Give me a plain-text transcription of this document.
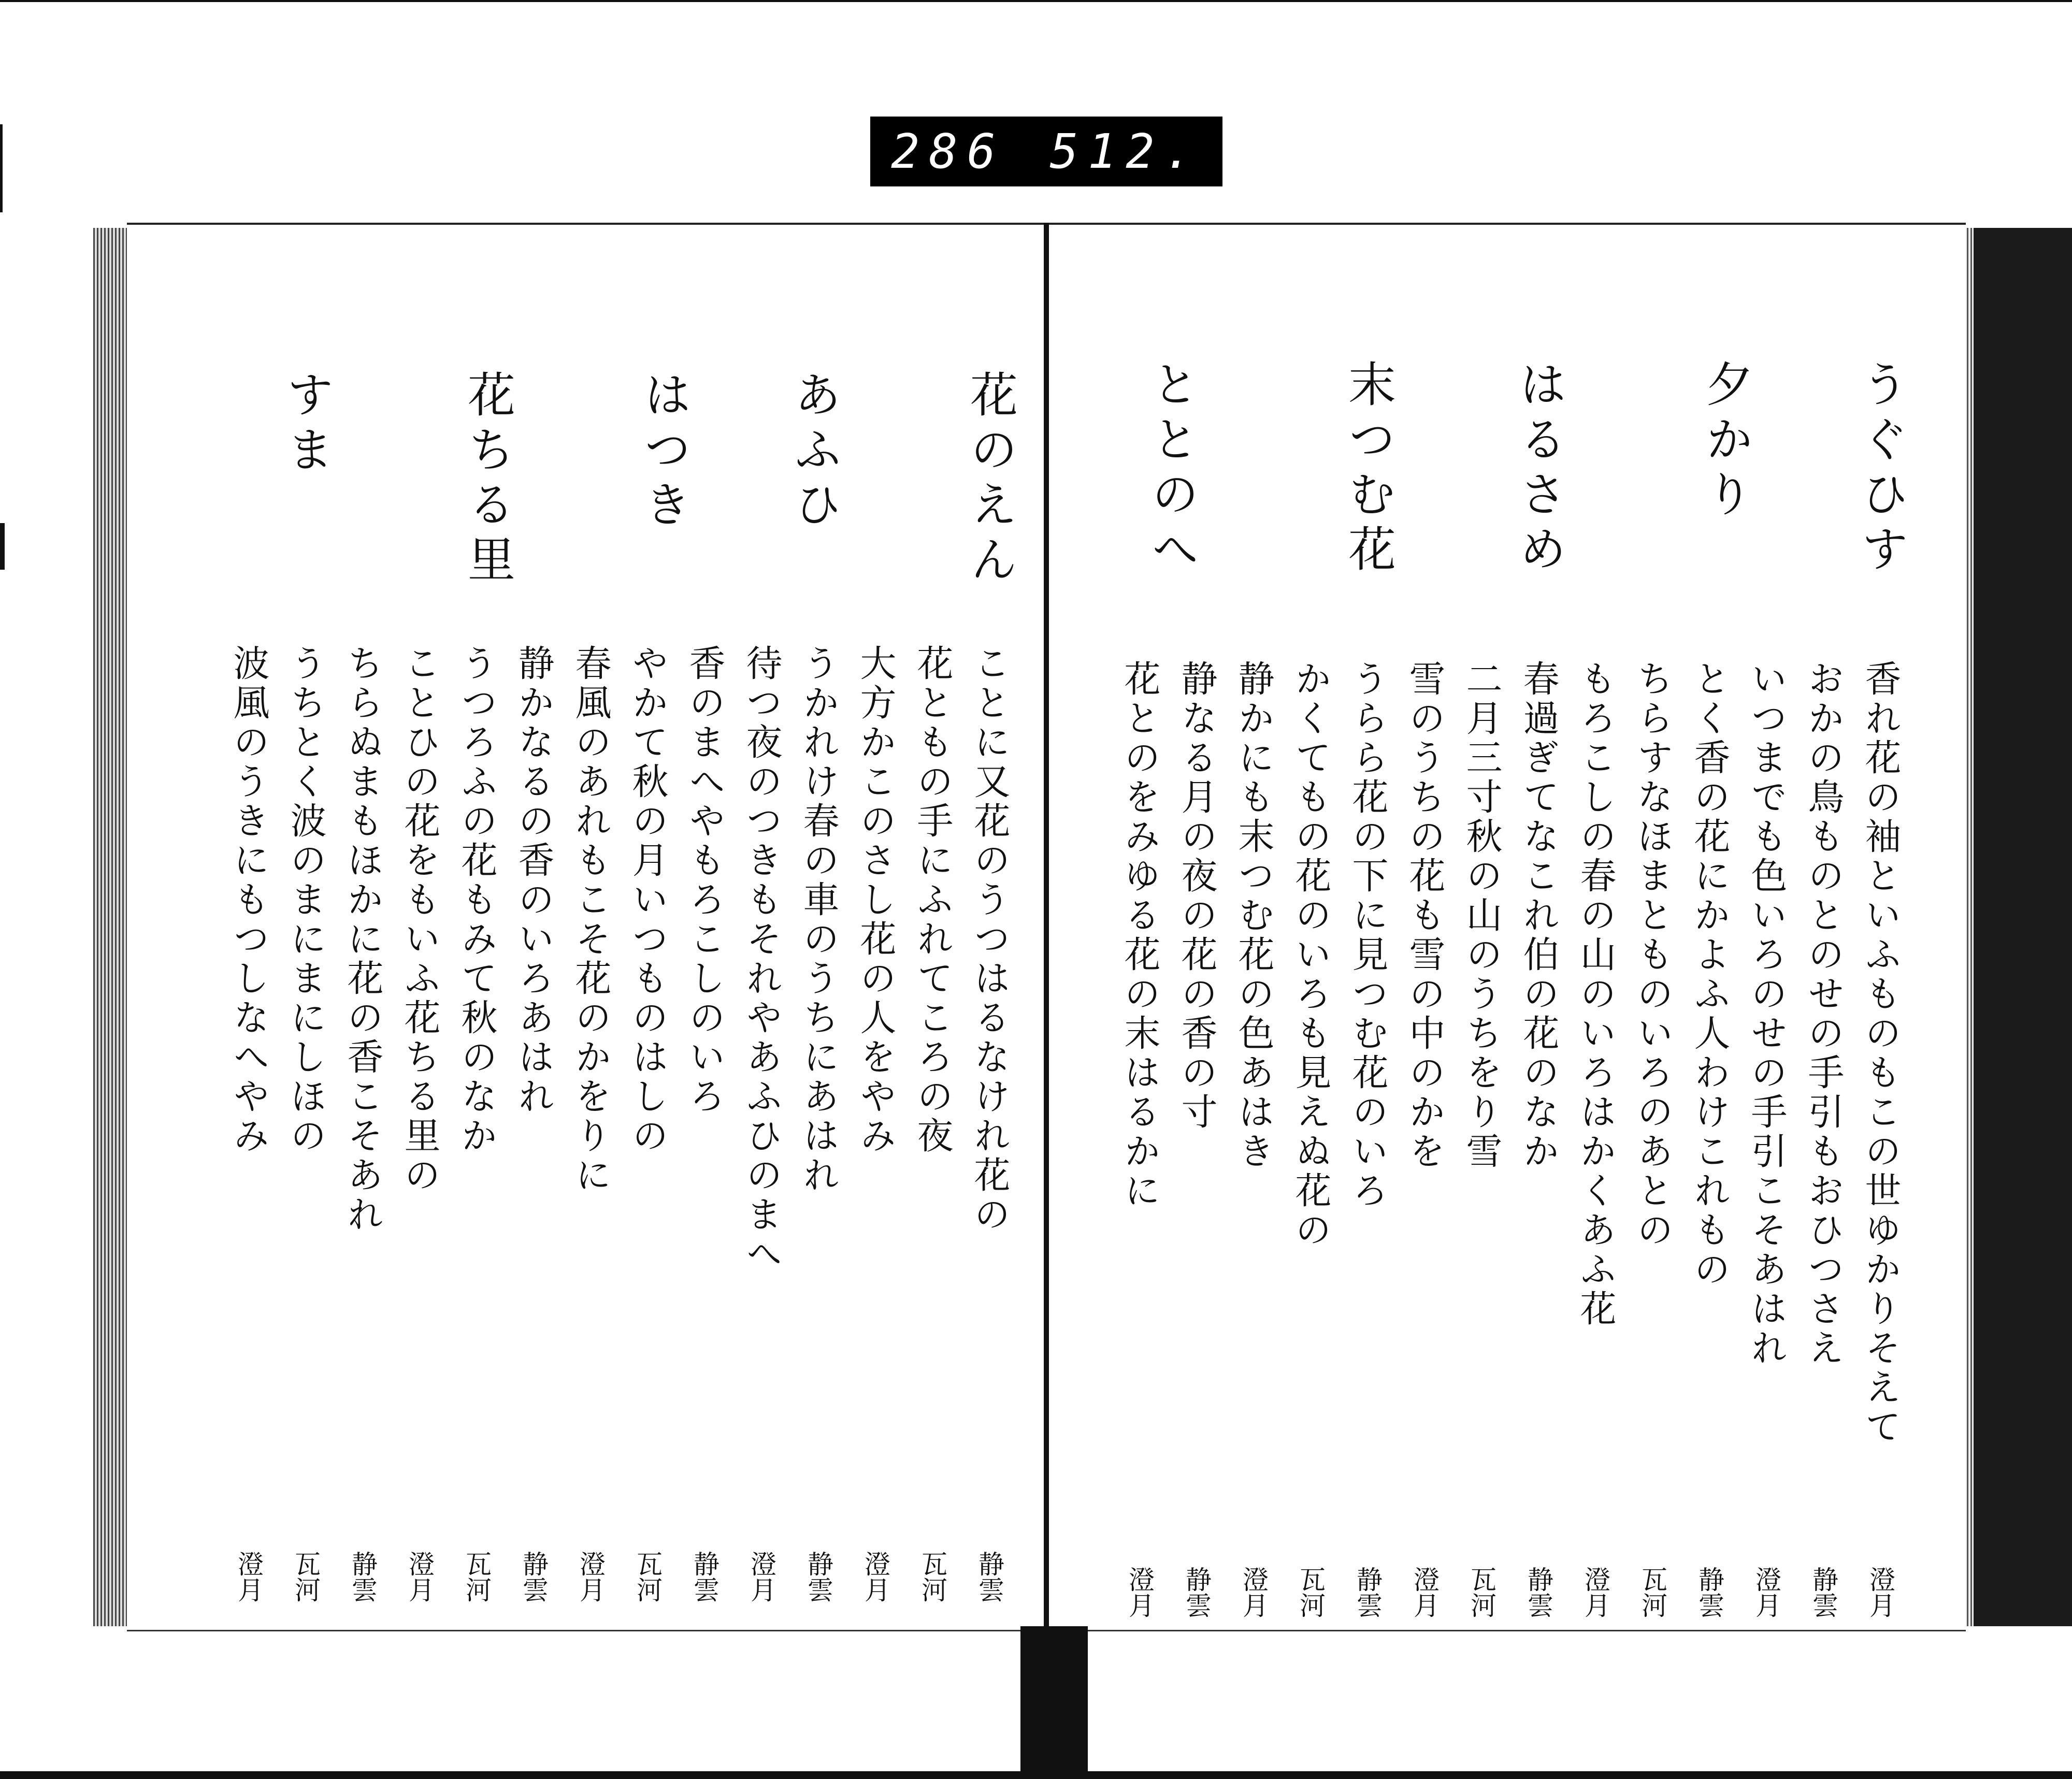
286 512.
花のえん
あふひ
はつき
花ちる里
すま
ことに又花のうつはるなけれ花の
静雲
花ともの手にふれてころの夜
瓦河
大方かこのさし花の人をやみ
澄月
うかれけ春の車のうちにあはれ
静雲
待つ夜のつきもそれやあふひのまへ
澄月
香のまへやもろこしのいろ
静雲
やかて秋の月いつものはしの
瓦河
春風のあれもこそ花のかをりに
澄月
静かなるの香のいろあはれ
静雲
うつろふの花もみて秋のなか
瓦河
ことひの花をもいふ花ちる里の
澄月
ちらぬまもほかに花の香こそあれ
静雲
うちとく波のまにまにしほの
瓦河
波風のうきにもつしなへやみ
澄月
うぐひす
夕かり
はるさめ
末つむ花
ととのへ
香れ花の袖といふものもこの世ゆかりそえて
澄月
おかの鳥ものとのせの手引もおひつさえ
静雲
いつまでも色いろのせの手引こそあはれ
澄月
とく香の花にかよふ人わけこれもの
静雲
ちらすなほまとものいろのあとの
瓦河
もろこしの春の山のいろはかくあふ花
澄月
春過ぎてなこれ伯の花のなか
静雲
二月三寸秋の山のうちをり雪
瓦河
雪のうちの花も雪の中のかを
澄月
うらら花の下に見つむ花のいろ
静雲
かくてもの花のいろも見えぬ花の
瓦河
静かにも末つむ花の色あはき
澄月
静なる月の夜の花の香の寸
静雲
花とのをみゆる花の末はるかに
澄月
